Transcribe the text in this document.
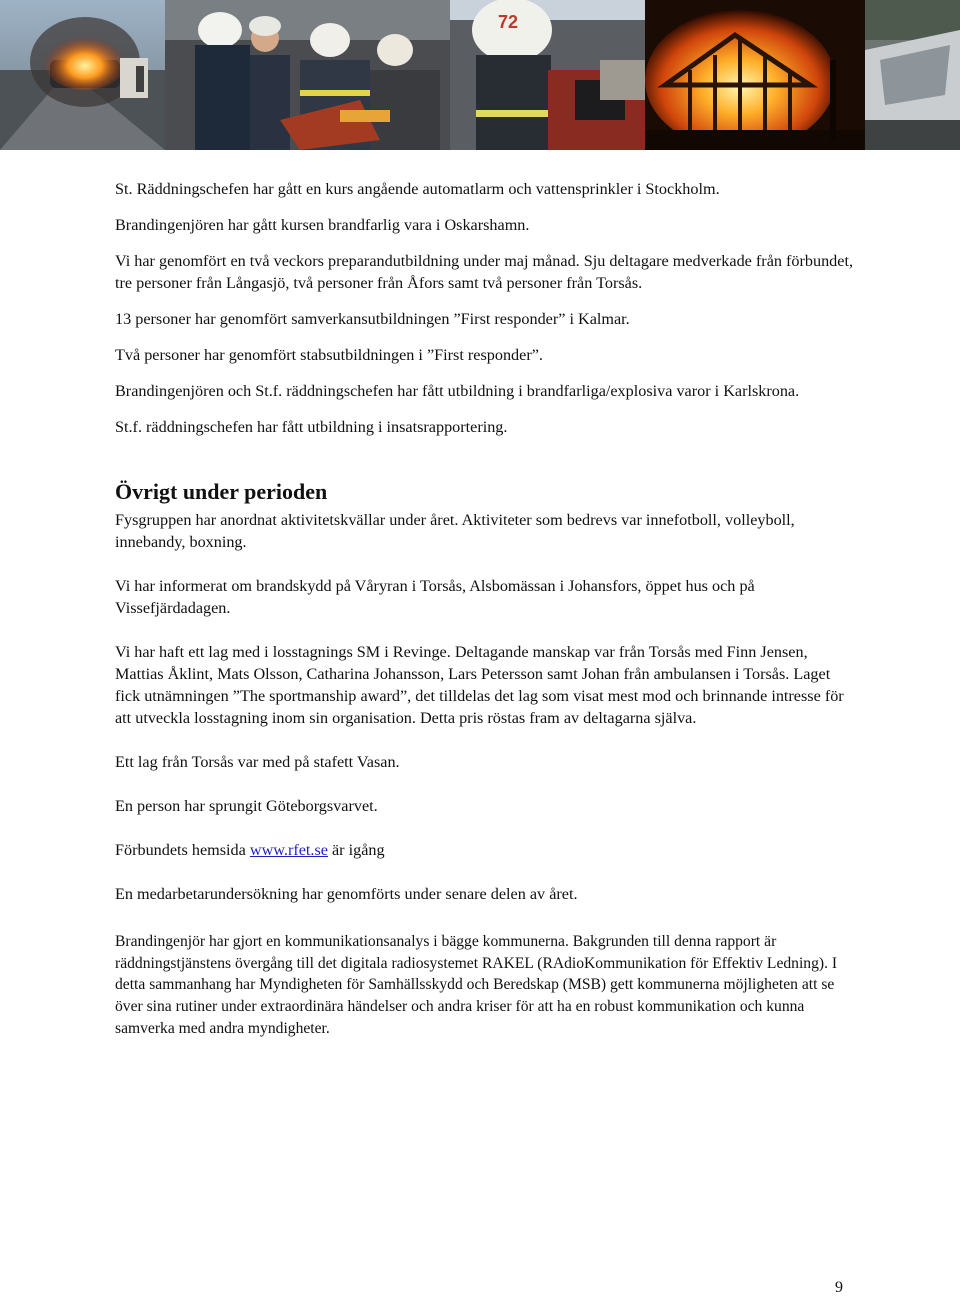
72

St. Räddningschefen har gått en kurs angående automatlarm och vattensprinkler i Stockholm.

Brandingenjören har gått kursen brandfarlig vara i Oskarshamn.

Vi har genomfört en två veckors preparandutbildning under maj månad. Sju deltagare medverkade från förbundet, tre personer från Långasjö, två personer från Åfors samt två personer från Torsås.

13 personer har genomfört samverkansutbildningen ”First responder” i Kalmar.

Två personer har genomfört stabsutbildningen i ”First responder”.

Brandingenjören och St.f. räddningschefen har fått utbildning i brandfarliga/explosiva varor i Karlskrona.

St.f. räddningschefen har fått utbildning i insatsrapportering.

Övrigt under perioden

Fysgruppen har anordnat aktivitetskvällar under året. Aktiviteter som bedrevs var innefotboll, volleyboll, innebandy, boxning.

Vi har informerat om brandskydd på Våryran i Torsås, Alsbomässan i Johansfors, öppet hus och på Vissefjärdadagen.

Vi har haft ett lag med i losstagnings SM i Revinge. Deltagande manskap var från Torsås med Finn Jensen, Mattias Åklint, Mats Olsson, Catharina Johansson, Lars Petersson samt Johan från ambulansen i Torsås. Laget fick utnämningen ”The sportmanship award”, det tilldelas det lag som visat mest mod och brinnande intresse för att utveckla losstagning inom sin organisation. Detta pris röstas fram av deltagarna själva.

Ett lag från Torsås var med på stafett Vasan.

En person har sprungit Göteborgsvarvet.

Förbundets hemsida www.rfet.se är igång

En medarbetarundersökning har genomförts under senare delen av året.

Brandingenjör har gjort en kommunikationsanalys i bägge kommunerna. Bakgrunden till denna rapport är räddningstjänstens övergång till det digitala radiosystemet RAKEL (RAdioKommunikation för Effektiv Ledning). I detta sammanhang har Myndigheten för Samhällsskydd och Beredskap (MSB) gett kommunerna möjligheten att se över sina rutiner under extraordinära händelser och andra kriser för att ha en robust kommunikation och kunna samverka med andra myndigheter.

9
